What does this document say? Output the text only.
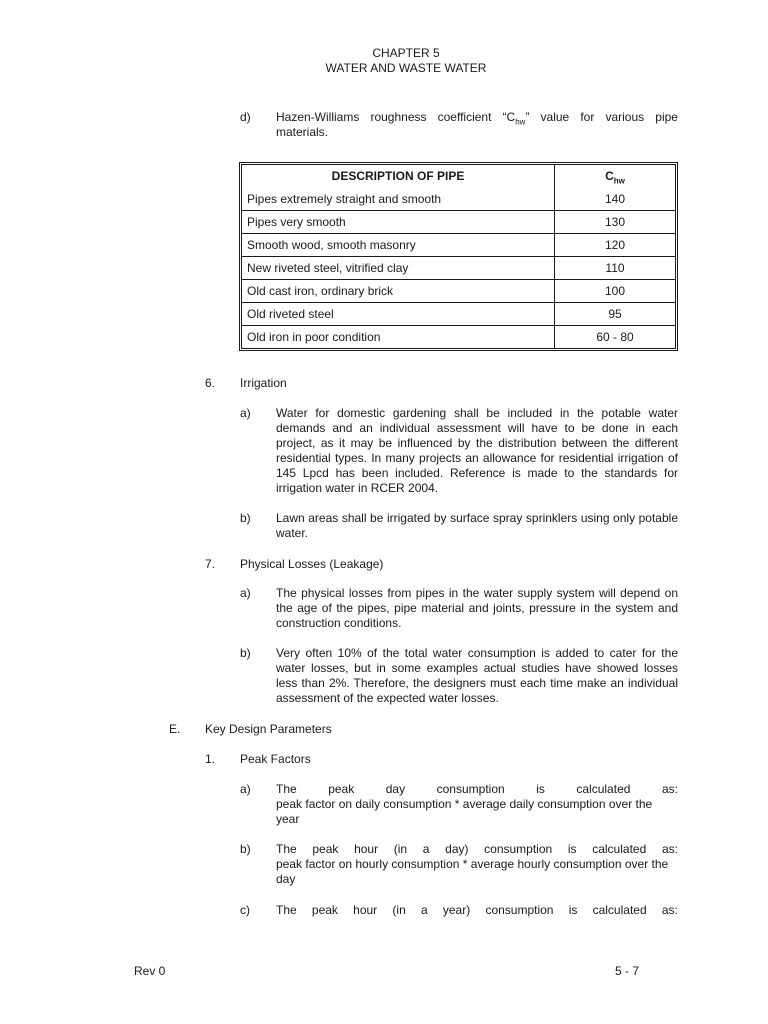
CHAPTER 5
WATER AND WASTE WATER
d) Hazen-Williams roughness coefficient “$C_{hw}$” value for various pipe
materials.
DESCRIPTION OF PIPE	$C_{hw}$
Pipes extremely straight and smooth	140
Pipes very smooth	130
Smooth wood, smooth masonry	120
New riveted steel, vitrified clay	110
Old cast iron, ordinary brick	100
Old riveted steel	95
Old iron in poor condition	60 - 80
6. Irrigation
a) Water for domestic gardening shall be included in the potable water demands and an individual assessment will have to be done in each project, as it may be influenced by the distribution between the different residential types. In many projects an allowance for residential irrigation of 145 Lpcd has been included. Reference is made to the standards for irrigation water in RCER 2004.
b) Lawn areas shall be irrigated by surface spray sprinklers using only potable water.
7. Physical Losses (Leakage)
a) The physical losses from pipes in the water supply system will depend on the age of the pipes, pipe material and joints, pressure in the system and construction conditions.
b) Very often 10% of the total water consumption is added to cater for the water losses, but in some examples actual studies have showed losses less than 2%. Therefore, the designers must each time make an individual assessment of the expected water losses.
E. Key Design Parameters
1. Peak Factors
a) The	peak	day	consumption	is	calculated	as:
peak factor on daily consumption * average daily consumption over the year
b) The peak hour (in a day) consumption is calculated as:
peak factor on hourly consumption * average hourly consumption over the day
c) The peak hour (in a year) consumption is calculated as:
Rev 0	5 - 7
